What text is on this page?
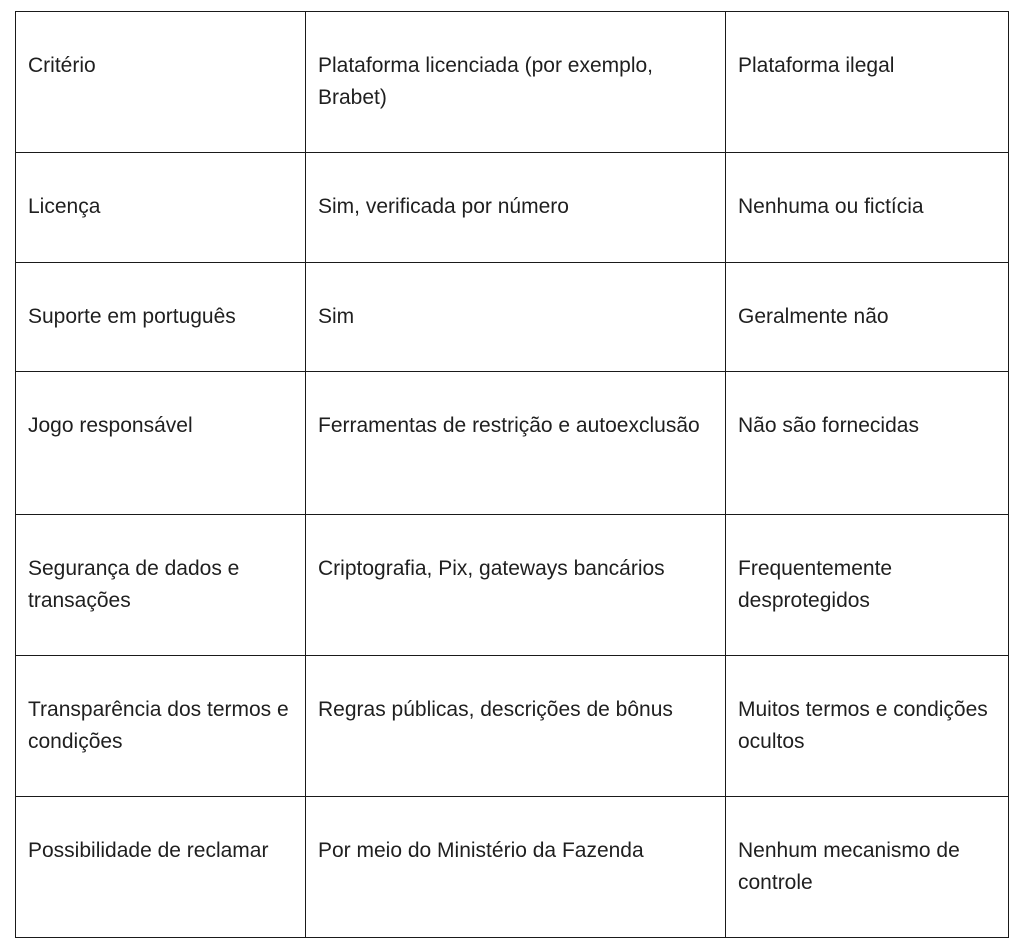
Critério	Plataforma licenciada (por exemplo, Brabet)	Plataforma ilegal
Licença	Sim, verificada por número	Nenhuma ou fictícia
Suporte em português	Sim	Geralmente não
Jogo responsável	Ferramentas de restrição e autoexclusão	Não são fornecidas
Segurança de dados e transações	Criptografia, Pix, gateways bancários	Frequentemente desprotegidos
Transparência dos termos e condições	Regras públicas, descrições de bônus	Muitos termos e condições ocultos
Possibilidade de reclamar	Por meio do Ministério da Fazenda	Nenhum mecanismo de controle
